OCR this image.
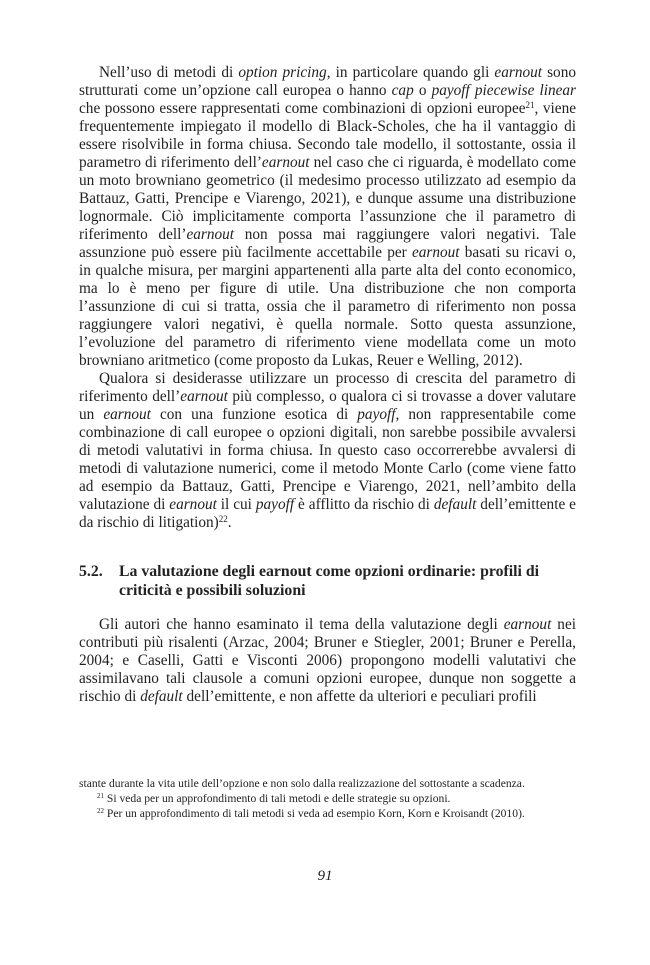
Nell’uso di metodi di option pricing, in particolare quando gli earnout sono strutturati come un’opzione call europea o hanno cap o payoff piecewise linear che possono essere rappresentati come combinazioni di opzioni europee$^{21}$, viene frequentemente impiegato il modello di Black-Scholes, che ha il vantaggio di essere risolvibile in forma chiusa. Secondo tale modello, il sottostante, ossia il parametro di riferimento dell’earnout nel caso che ci riguarda, è modellato come un moto browniano geometrico (il medesimo processo utilizzato ad esempio da Battauz, Gatti, Prencipe e Viarengo, 2021), e dunque assume una distribuzione lognormale. Ciò implicitamente comporta l’assunzione che il parametro di riferimento dell’earnout non possa mai raggiungere valori negativi. Tale assunzione può essere più facilmente accettabile per earnout basati su ricavi o, in qualche misura, per margini appartenenti alla parte alta del conto economico, ma lo è meno per figure di utile. Una distribuzione che non comporta l’assunzione di cui si tratta, ossia che il parametro di riferimento non possa raggiungere valori negativi, è quella normale. Sotto questa assunzione, l’evoluzione del parametro di riferimento viene modellata come un moto browniano aritmetico (come proposto da Lukas, Reuer e Welling, 2012).

Qualora si desiderasse utilizzare un processo di crescita del parametro di riferimento dell’earnout più complesso, o qualora ci si trovasse a dover valutare un earnout con una funzione esotica di payoff, non rappresentabile come combinazione di call europee o opzioni digitali, non sarebbe possibile avvalersi di metodi valutativi in forma chiusa. In questo caso occorrerebbe avvalersi di metodi di valutazione numerici, come il metodo Monte Carlo (come viene fatto ad esempio da Battauz, Gatti, Prencipe e Viarengo, 2021, nell’ambito della valutazione di earnout il cui payoff è afflitto da rischio di default dell’emittente e da rischio di litigation)$^{22}$.

5.2.	La valutazione degli earnout come opzioni ordinarie: profili di criticità e possibili soluzioni

Gli autori che hanno esaminato il tema della valutazione degli earnout nei contributi più risalenti (Arzac, 2004; Bruner e Stiegler, 2001; Bruner e Perella, 2004; e Caselli, Gatti e Visconti 2006) propongono modelli valutativi che assimilavano tali clausole a comuni opzioni europee, dunque non soggette a rischio di default dell’emittente, e non affette da ulteriori e peculiari profili

stante durante la vita utile dell’opzione e non solo dalla realizzazione del sottostante a scadenza.

$^{21}$ Si veda per un approfondimento di tali metodi e delle strategie su opzioni.

$^{22}$ Per un approfondimento di tali metodi si veda ad esempio Korn, Korn e Kroisandt (2010).

91
